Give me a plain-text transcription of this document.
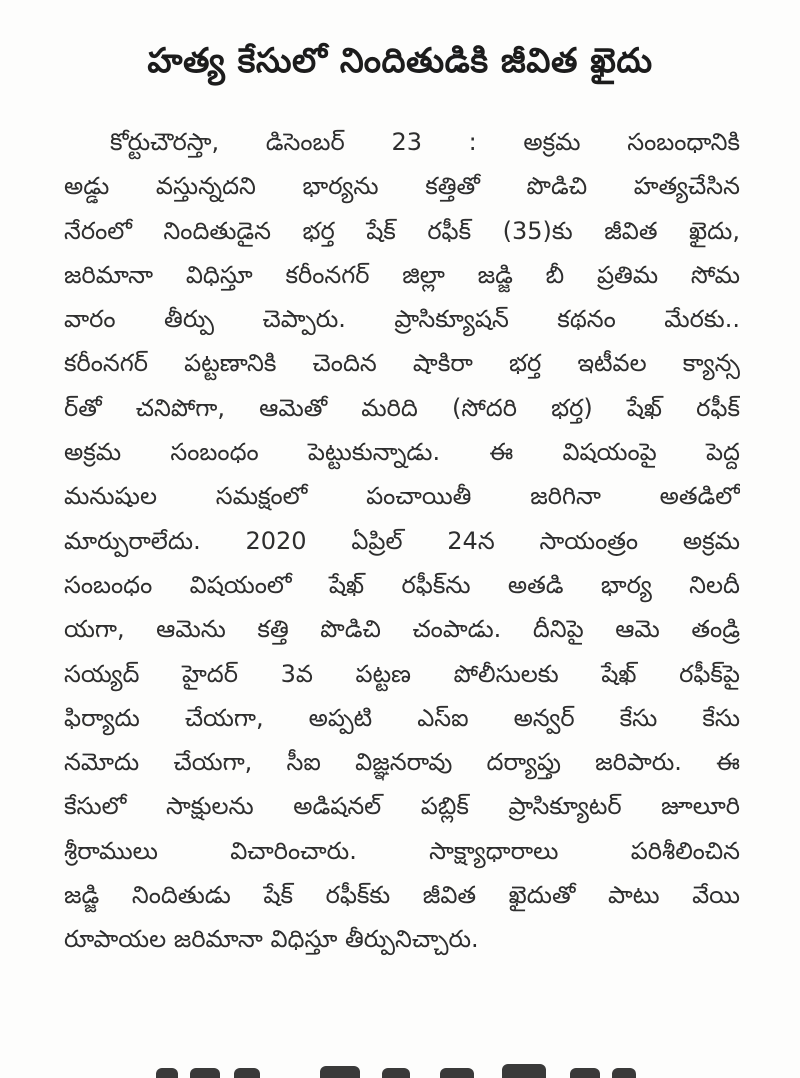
హత్య కేసులో నిందితుడికి జీవిత ఖైదు
కోర్టుచౌరస్తా, డిసెంబర్ 23 : అక్రమ సంబంధానికి
అడ్డు వస్తున్నదని భార్యను కత్తితో పొడిచి హత్యచేసిన
నేరంలో నిందితుడైన భర్త షేక్ రఫీక్ (35)కు జీవిత ఖైదు,
జరిమానా విధిస్తూ కరీంనగర్ జిల్లా జడ్జి బీ ప్రతిమ సోమ
వారం తీర్పు చెప్పారు. ప్రాసిక్యూషన్ కథనం మేరకు..
కరీంనగర్ పట్టణానికి చెందిన షాకిరా భర్త ఇటీవల క్యాన్స
ర్‌తో చనిపోగా, ఆమెతో మరిది (సోదరి భర్త) షేఖ్ రఫీక్
అక్రమ సంబంధం పెట్టుకున్నాడు. ఈ విషయంపై పెద్ద
మనుషుల సమక్షంలో పంచాయితీ జరిగినా అతడిలో
మార్పురాలేదు. 2020 ఏప్రిల్ 24న సాయంత్రం అక్రమ
సంబంధం విషయంలో షేఖ్ రఫీక్‌ను అతడి భార్య నిలదీ
యగా, ఆమెను కత్తి పొడిచి చంపాడు. దీనిపై ఆమె తండ్రి
సయ్యద్ హైదర్ 3వ పట్టణ పోలీసులకు షేఖ్ రఫీక్‌పై
ఫిర్యాదు చేయగా, అప్పటి ఎస్ఐ అన్వర్ కేసు కేసు
నమోదు చేయగా, సీఐ విజ్ఞనరావు దర్యాప్తు జరిపారు. ఈ
కేసులో సాక్షులను అడిషనల్ పబ్లిక్ ప్రాసిక్యూటర్ జూలూరి
శ్రీరాములు విచారించారు. సాక్ష్యాధారాలు పరిశీలించిన
జడ్జి నిందితుడు షేక్ రఫీక్‌కు జీవిత ఖైదుతో పాటు వేయి
రూపాయల జరిమానా విధిస్తూ తీర్పునిచ్చారు.
